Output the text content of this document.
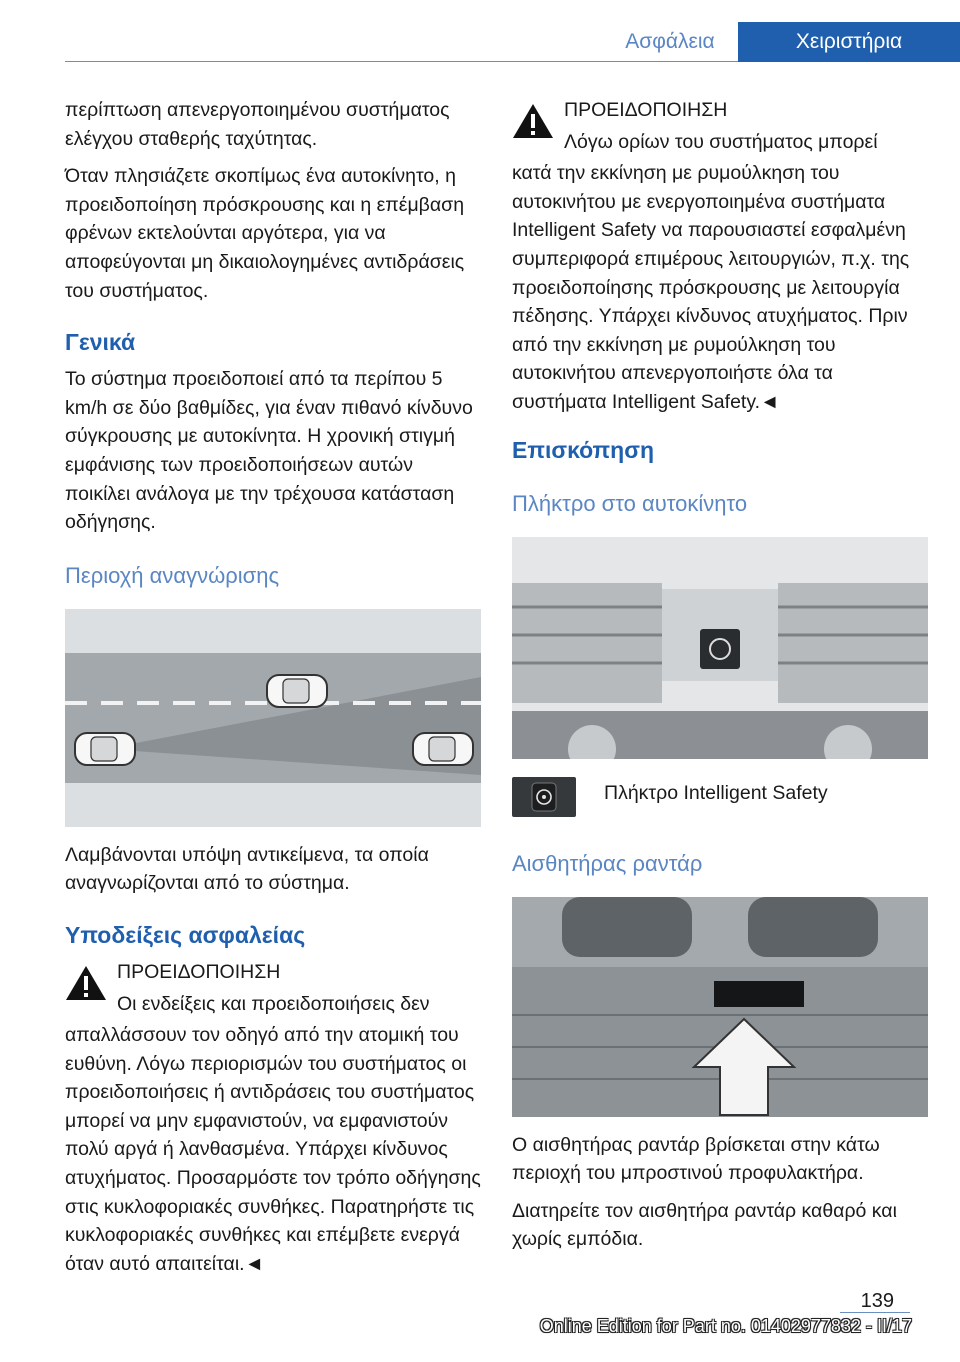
Ασφάλεια	Χειριστήρια

περίπτωση απενεργοποιημένου συστήματος ελέγχου σταθερής ταχύτητας.

Όταν πλησιάζετε σκοπίμως ένα αυτοκίνητο, η προειδοποίηση πρόσκρουσης και η επέμβαση φρένων εκτελούνται αργότερα, για να αποφεύγονται μη δικαιολογημένες αντιδράσεις του συστήματος.

Γενικά

Το σύστημα προειδοποιεί από τα περίπου 5 km/h σε δύο βαθμίδες, για έναν πιθανό κίνδυνο σύγκρουσης με αυτοκίνητα. Η χρονική στιγμή εμφάνισης των προειδοποιήσεων αυτών ποικίλει ανάλογα με την τρέχουσα κατάσταση οδήγησης.

Περιοχή αναγνώρισης

Λαμβάνονται υπόψη αντικείμενα, τα οποία αναγνωρίζονται από το σύστημα.

Υποδείξεις ασφαλείας

ΠΡΟΕΙΔΟΠΟΙΗΣΗ

Οι ενδείξεις και προειδοποιήσεις δεν

απαλλάσσουν τον οδηγό από την ατομική του ευθύνη. Λόγω περιορισμών του συστήματος οι προειδοποιήσεις ή αντιδράσεις του συστήματος μπορεί να μην εμφανιστούν, να εμφανιστούν πολύ αργά ή λανθασμένα. Υπάρχει κίνδυνος ατυχήματος. Προσαρμόστε τον τρόπο οδήγησης στις κυκλοφοριακές συνθήκες. Παρατηρήστε τις κυκλοφοριακές συνθήκες και επέμβετε ενεργά όταν αυτό απαιτείται.◄

ΠΡΟΕΙΔΟΠΟΙΗΣΗ

Λόγω ορίων του συστήματος μπορεί

κατά την εκκίνηση με ρυμούλκηση του αυτοκινήτου με ενεργοποιημένα συστήματα Intelligent Safety να παρουσιαστεί εσφαλμένη συμπεριφορά επιμέρους λειτουργιών, π.χ. της προειδοποίησης πρόσκρουσης με λειτουργία πέδησης. Υπάρχει κίνδυνος ατυχήματος. Πριν από την εκκίνηση με ρυμούλκηση του αυτοκινήτου απενεργοποιήστε όλα τα συστήματα Intelligent Safety.◄

Επισκόπηση
Πλήκτρο στο αυτοκίνητο
Πλήκτρο Intelligent Safety
Αισθητήρας ραντάρ

Ο αισθητήρας ραντάρ βρίσκεται στην κάτω περιοχή του μπροστινού προφυλακτήρα.

Διατηρείτε τον αισθητήρα ραντάρ καθαρό και χωρίς εμπόδια.

139
Online Edition for Part no. 01402977832 - II/17
